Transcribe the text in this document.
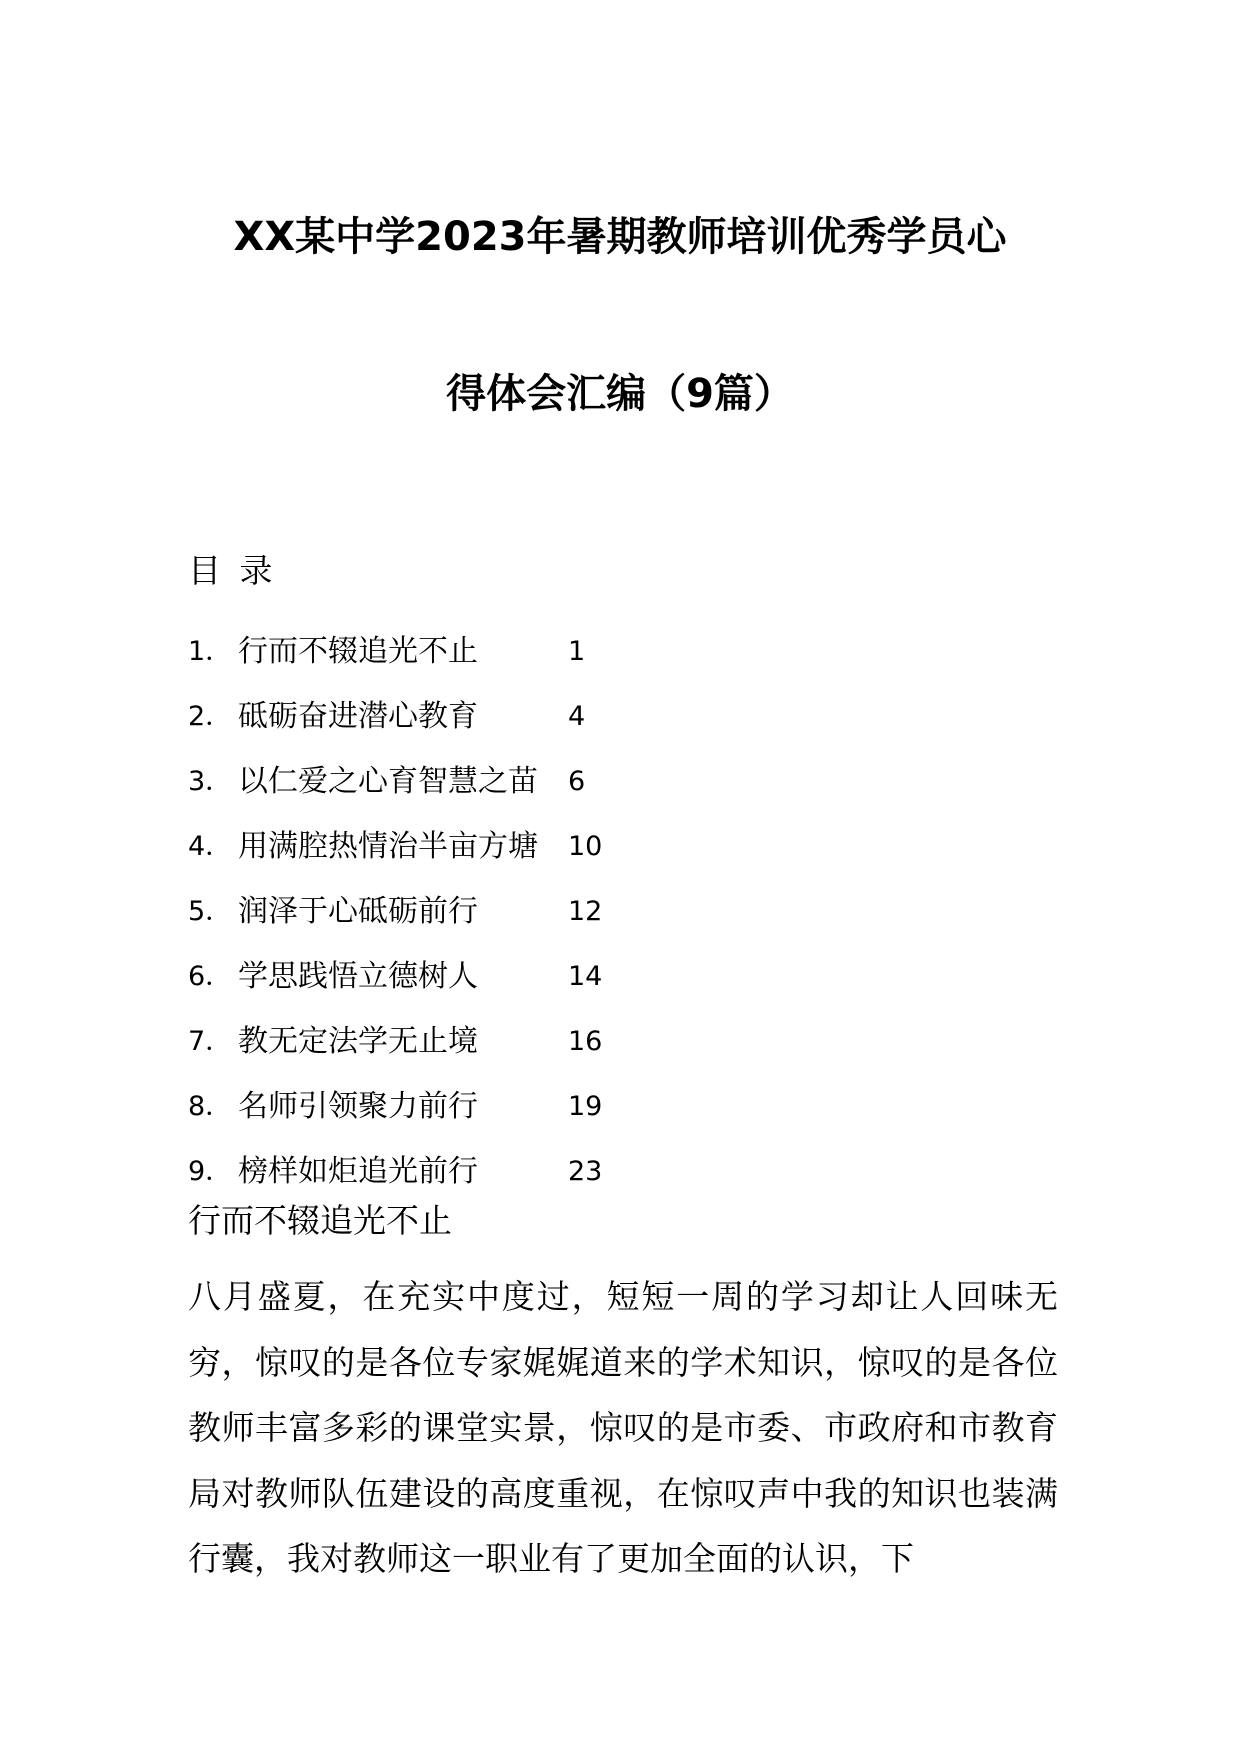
XX某中学2023年暑期教师培训优秀学员心
得体会汇编（9篇）
目 录
1． 行而不辍追光不止	1
2． 砥砺奋进潜心教育	4
3． 以仁爱之心育智慧之苗	6
4． 用满腔热情治半亩方塘	10
5． 润泽于心砥砺前行	12
6． 学思践悟立德树人	14
7． 教无定法学无止境	16
8． 名师引领聚力前行	19
9． 榜样如炬追光前行	23
行而不辍追光不止

八月盛夏，在充实中度过，短短一周的学习却让人回味无穷，惊叹的是各位专家娓娓道来的学术知识，惊叹的是各位教师丰富多彩的课堂实景，惊叹的是市委、市政府和市教育局对教师队伍建设的高度重视，在惊叹声中我的知识也装满行囊，我对教师这一职业有了更加全面的认识，下
